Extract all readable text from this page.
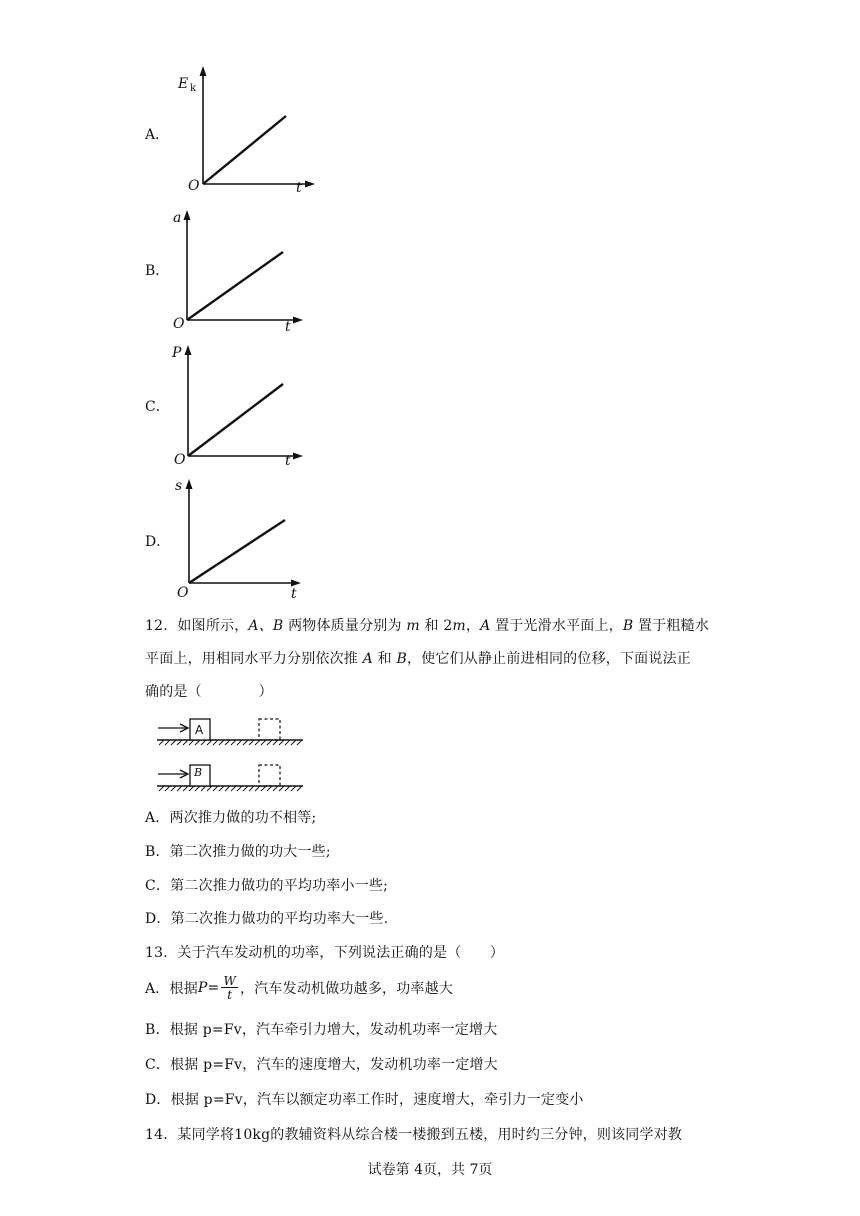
A．
E k
O	t
B．
a
O	t
C．
P
O	t
D．
s
O	t
12．如图所示，A、B 两物体质量分别为 m 和 2m，A 置于光滑水平面上，B 置于粗糙水
平面上，用相同水平力分别依次推 A 和 B，使它们从静止前进相同的位移，下面说法正
确的是（　　　　）
A
B
A．两次推力做的功不相等;
B．第二次推力做的功大一些;
C．第二次推力做功的平均功率小一些;
D．第二次推力做功的平均功率大一些.
13．关于汽车发动机的功率，下列说法正确的是（　　）
A．根据 $P = \frac{W}{t}$ ，汽车发动机做功越多，功率越大
B．根据 p=Fv，汽车牵引力增大，发动机功率一定增大
C．根据 p=Fv，汽车的速度增大，发动机功率一定增大
D．根据 p=Fv，汽车以额定功率工作时，速度增大，牵引力一定变小
14．某同学将10kg的教辅资料从综合楼一楼搬到五楼，用时约三分钟，则该同学对教
试卷第 4页，共 7页
